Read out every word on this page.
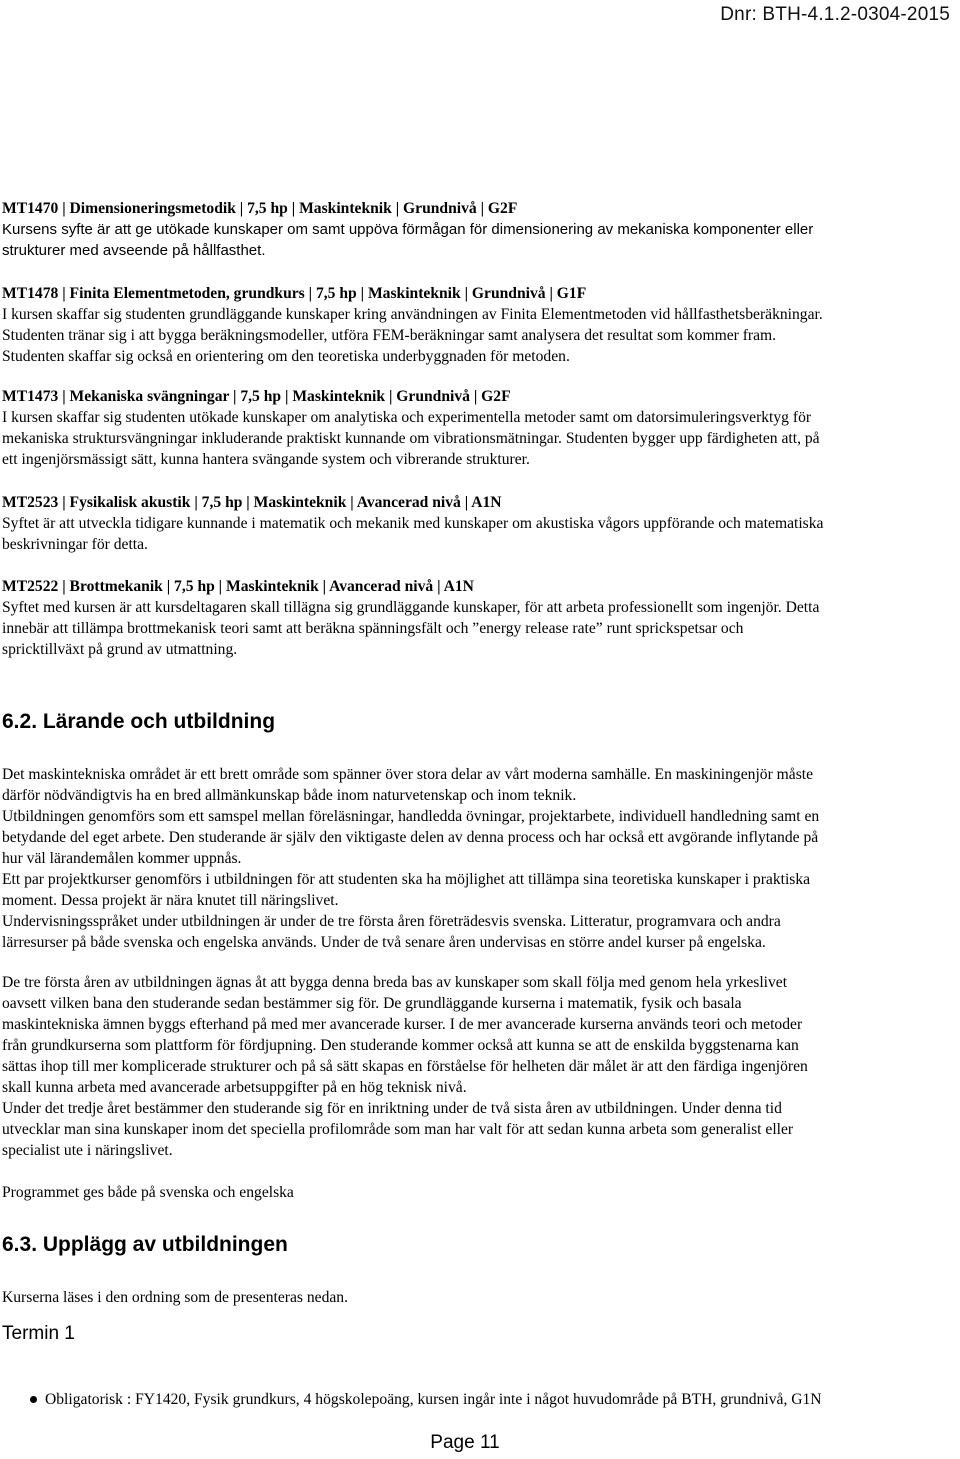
Dnr: BTH-4.1.2-0304-2015

MT1470 | Dimensioneringsmetodik | 7,5 hp | Maskinteknik | Grundnivå | G2F

Kursens syfte är att ge utökade kunskaper om samt uppöva förmågan för dimensionering av mekaniska komponenter eller

strukturer med avseende på hållfasthet.

MT1478 | Finita Elementmetoden, grundkurs | 7,5 hp | Maskinteknik | Grundnivå | G1F

I kursen skaffar sig studenten grundläggande kunskaper kring användningen av Finita Elementmetoden vid hållfasthetsberäkningar.

Studenten tränar sig i att bygga beräkningsmodeller, utföra FEM-beräkningar samt analysera det resultat som kommer fram.

Studenten skaffar sig också en orientering om den teoretiska underbyggnaden för metoden.

MT1473 | Mekaniska svängningar | 7,5 hp | Maskinteknik | Grundnivå | G2F

I kursen skaffar sig studenten utökade kunskaper om analytiska och experimentella metoder samt om datorsimuleringsverktyg för

mekaniska struktursvängningar inkluderande praktiskt kunnande om vibrationsmätningar. Studenten bygger upp färdigheten att, på

ett ingenjörsmässigt sätt, kunna hantera svängande system och vibrerande strukturer.

MT2523 | Fysikalisk akustik | 7,5 hp | Maskinteknik | Avancerad nivå | A1N

Syftet är att utveckla tidigare kunnande i matematik och mekanik med kunskaper om akustiska vågors uppförande och matematiska

beskrivningar för detta.

MT2522 | Brottmekanik | 7,5 hp | Maskinteknik | Avancerad nivå | A1N

Syftet med kursen är att kursdeltagaren skall tillägna sig grundläggande kunskaper, för att arbeta professionellt som ingenjör. Detta

innebär att tillämpa brottmekanisk teori samt att beräkna spänningsfält och ”energy release rate” runt sprickspetsar och

spricktillväxt på grund av utmattning.

6.2. Lärande och utbildning

Det maskintekniska området är ett brett område som spänner över stora delar av vårt moderna samhälle. En maskiningenjör måste

därför nödvändigtvis ha en bred allmänkunskap både inom naturvetenskap och inom teknik.

Utbildningen genomförs som ett samspel mellan föreläsningar, handledda övningar, projektarbete, individuell handledning samt en

betydande del eget arbete. Den studerande är själv den viktigaste delen av denna process och har också ett avgörande inflytande på

hur väl lärandemålen kommer uppnås.

Ett par projektkurser genomförs i utbildningen för att studenten ska ha möjlighet att tillämpa sina teoretiska kunskaper i praktiska

moment. Dessa projekt är nära knutet till näringslivet.

Undervisningsspråket under utbildningen är under de tre första åren företrädesvis svenska. Litteratur, programvara och andra

lärresurser på både svenska och engelska används. Under de två senare åren undervisas en större andel kurser på engelska.

De tre första åren av utbildningen ägnas åt att bygga denna breda bas av kunskaper som skall följa med genom hela yrkeslivet

oavsett vilken bana den studerande sedan bestämmer sig för. De grundläggande kurserna i matematik, fysik och basala

maskintekniska ämnen byggs efterhand på med mer avancerade kurser. I de mer avancerade kurserna används teori och metoder

från grundkurserna som plattform för fördjupning. Den studerande kommer också att kunna se att de enskilda byggstenarna kan

sättas ihop till mer komplicerade strukturer och på så sätt skapas en förståelse för helheten där målet är att den färdiga ingenjören

skall kunna arbeta med avancerade arbetsuppgifter på en hög teknisk nivå.

Under det tredje året bestämmer den studerande sig för en inriktning under de två sista åren av utbildningen. Under denna tid

utvecklar man sina kunskaper inom det speciella profilområde som man har valt för att sedan kunna arbeta som generalist eller

specialist ute i näringslivet.

Programmet ges både på svenska och engelska

6.3. Upplägg av utbildningen

Kurserna läses i den ordning som de presenteras nedan.

Termin 1

Obligatorisk : FY1420, Fysik grundkurs, 4 högskolepoäng, kursen ingår inte i något huvudområde på BTH, grundnivå, G1N
Page 11
